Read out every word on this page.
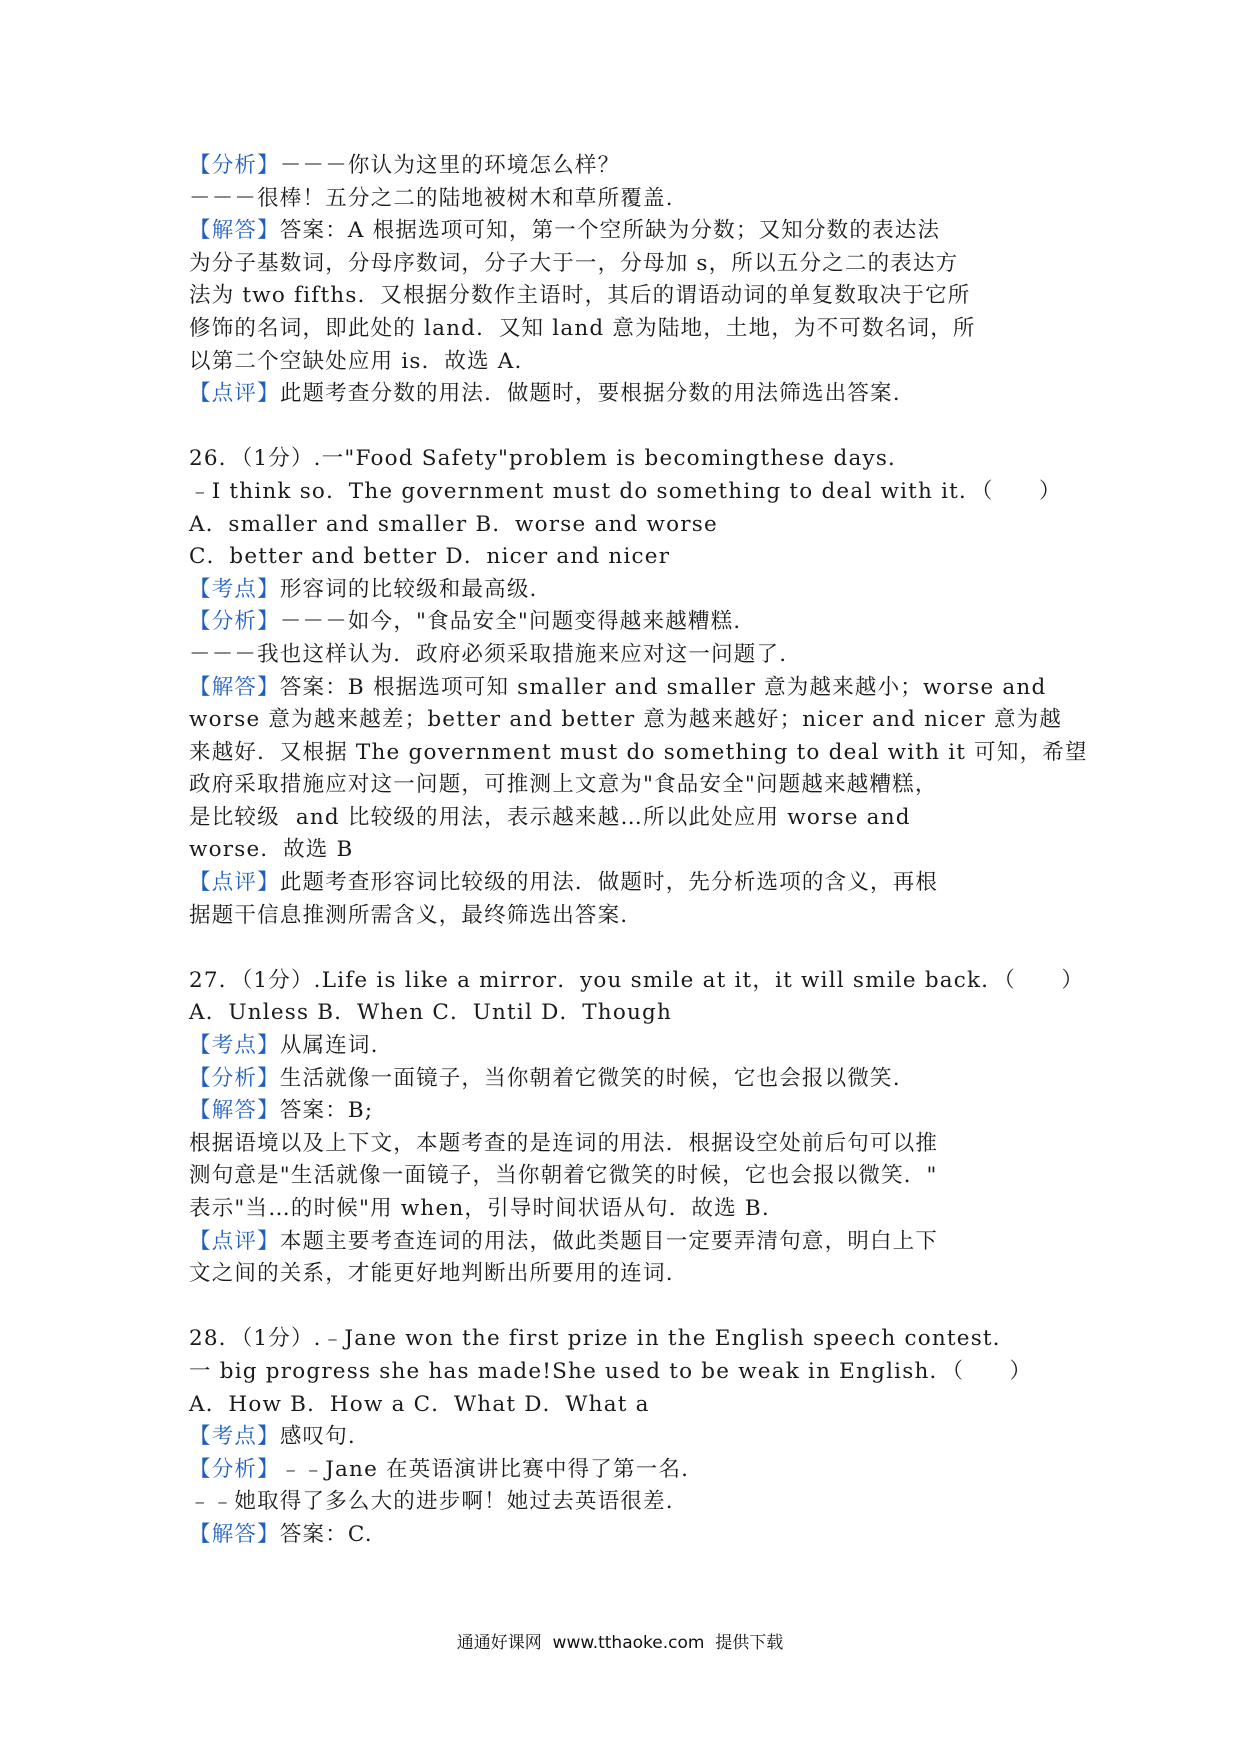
【分析】－－－你认为这里的环境怎么样？
－－－很棒！五分之二的陆地被树木和草所覆盖.
【解答】答案：A 根据选项可知，第一个空所缺为分数；又知分数的表达法
为分子基数词，分母序数词，分子大于一，分母加 s，所以五分之二的表达方
法为 two fifths．又根据分数作主语时，其后的谓语动词的单复数取决于它所
修饰的名词，即此处的 land．又知 land 意为陆地，土地，为不可数名词，所
以第二个空缺处应用 is．故选 A.
【点评】此题考查分数的用法．做题时，要根据分数的用法筛选出答案.
26．（1分）.一"Food Safety"problem is becomingthese days．
﹣I think so．The government must do something to deal with it．（　　）
A．smaller and smaller B．worse and worse
C．better and better D．nicer and nicer
【考点】形容词的比较级和最高级.
【分析】－－－如今，"食品安全"问题变得越来越糟糕.
－－－我也这样认为．政府必须采取措施来应对这一问题了.
【解答】答案：B 根据选项可知 smaller and smaller 意为越来越小；worse and
worse 意为越来越差；better and better 意为越来越好；nicer and nicer 意为越
来越好．又根据 The government must do something to deal with it 可知，希望
政府采取措施应对这一问题，可推测上文意为"食品安全"问题越来越糟糕，
是比较级  and 比较级的用法，表示越来越…所以此处应用 worse and
worse．故选 B
【点评】此题考查形容词比较级的用法．做题时，先分析选项的含义，再根
据题干信息推测所需含义，最终筛选出答案.
27．（1分）.Life is like a mirror．you smile at it，it will smile back．（　　）
A．Unless B．When C．Until D．Though
【考点】从属连词.
【分析】生活就像一面镜子，当你朝着它微笑的时候，它也会报以微笑.
【解答】答案：B;
根据语境以及上下文，本题考查的是连词的用法．根据设空处前后句可以推
测句意是"生活就像一面镜子，当你朝着它微笑的时候，它也会报以微笑．"
表示"当…的时候"用 when，引导时间状语从句．故选 B.
【点评】本题主要考查连词的用法，做此类题目一定要弄清句意，明白上下
文之间的关系，才能更好地判断出所要用的连词.
28．（1分）.﹣Jane won the first prize in the English speech contest．
一 big progress she has made!She used to be weak in English．（　　）
A．How B．How a C．What D．What a
【考点】感叹句.
【分析】﹣﹣Jane 在英语演讲比赛中得了第一名.
﹣﹣她取得了多么大的进步啊！她过去英语很差.
【解答】答案：C.
通通好课网  www.tthaoke.com  提供下载
